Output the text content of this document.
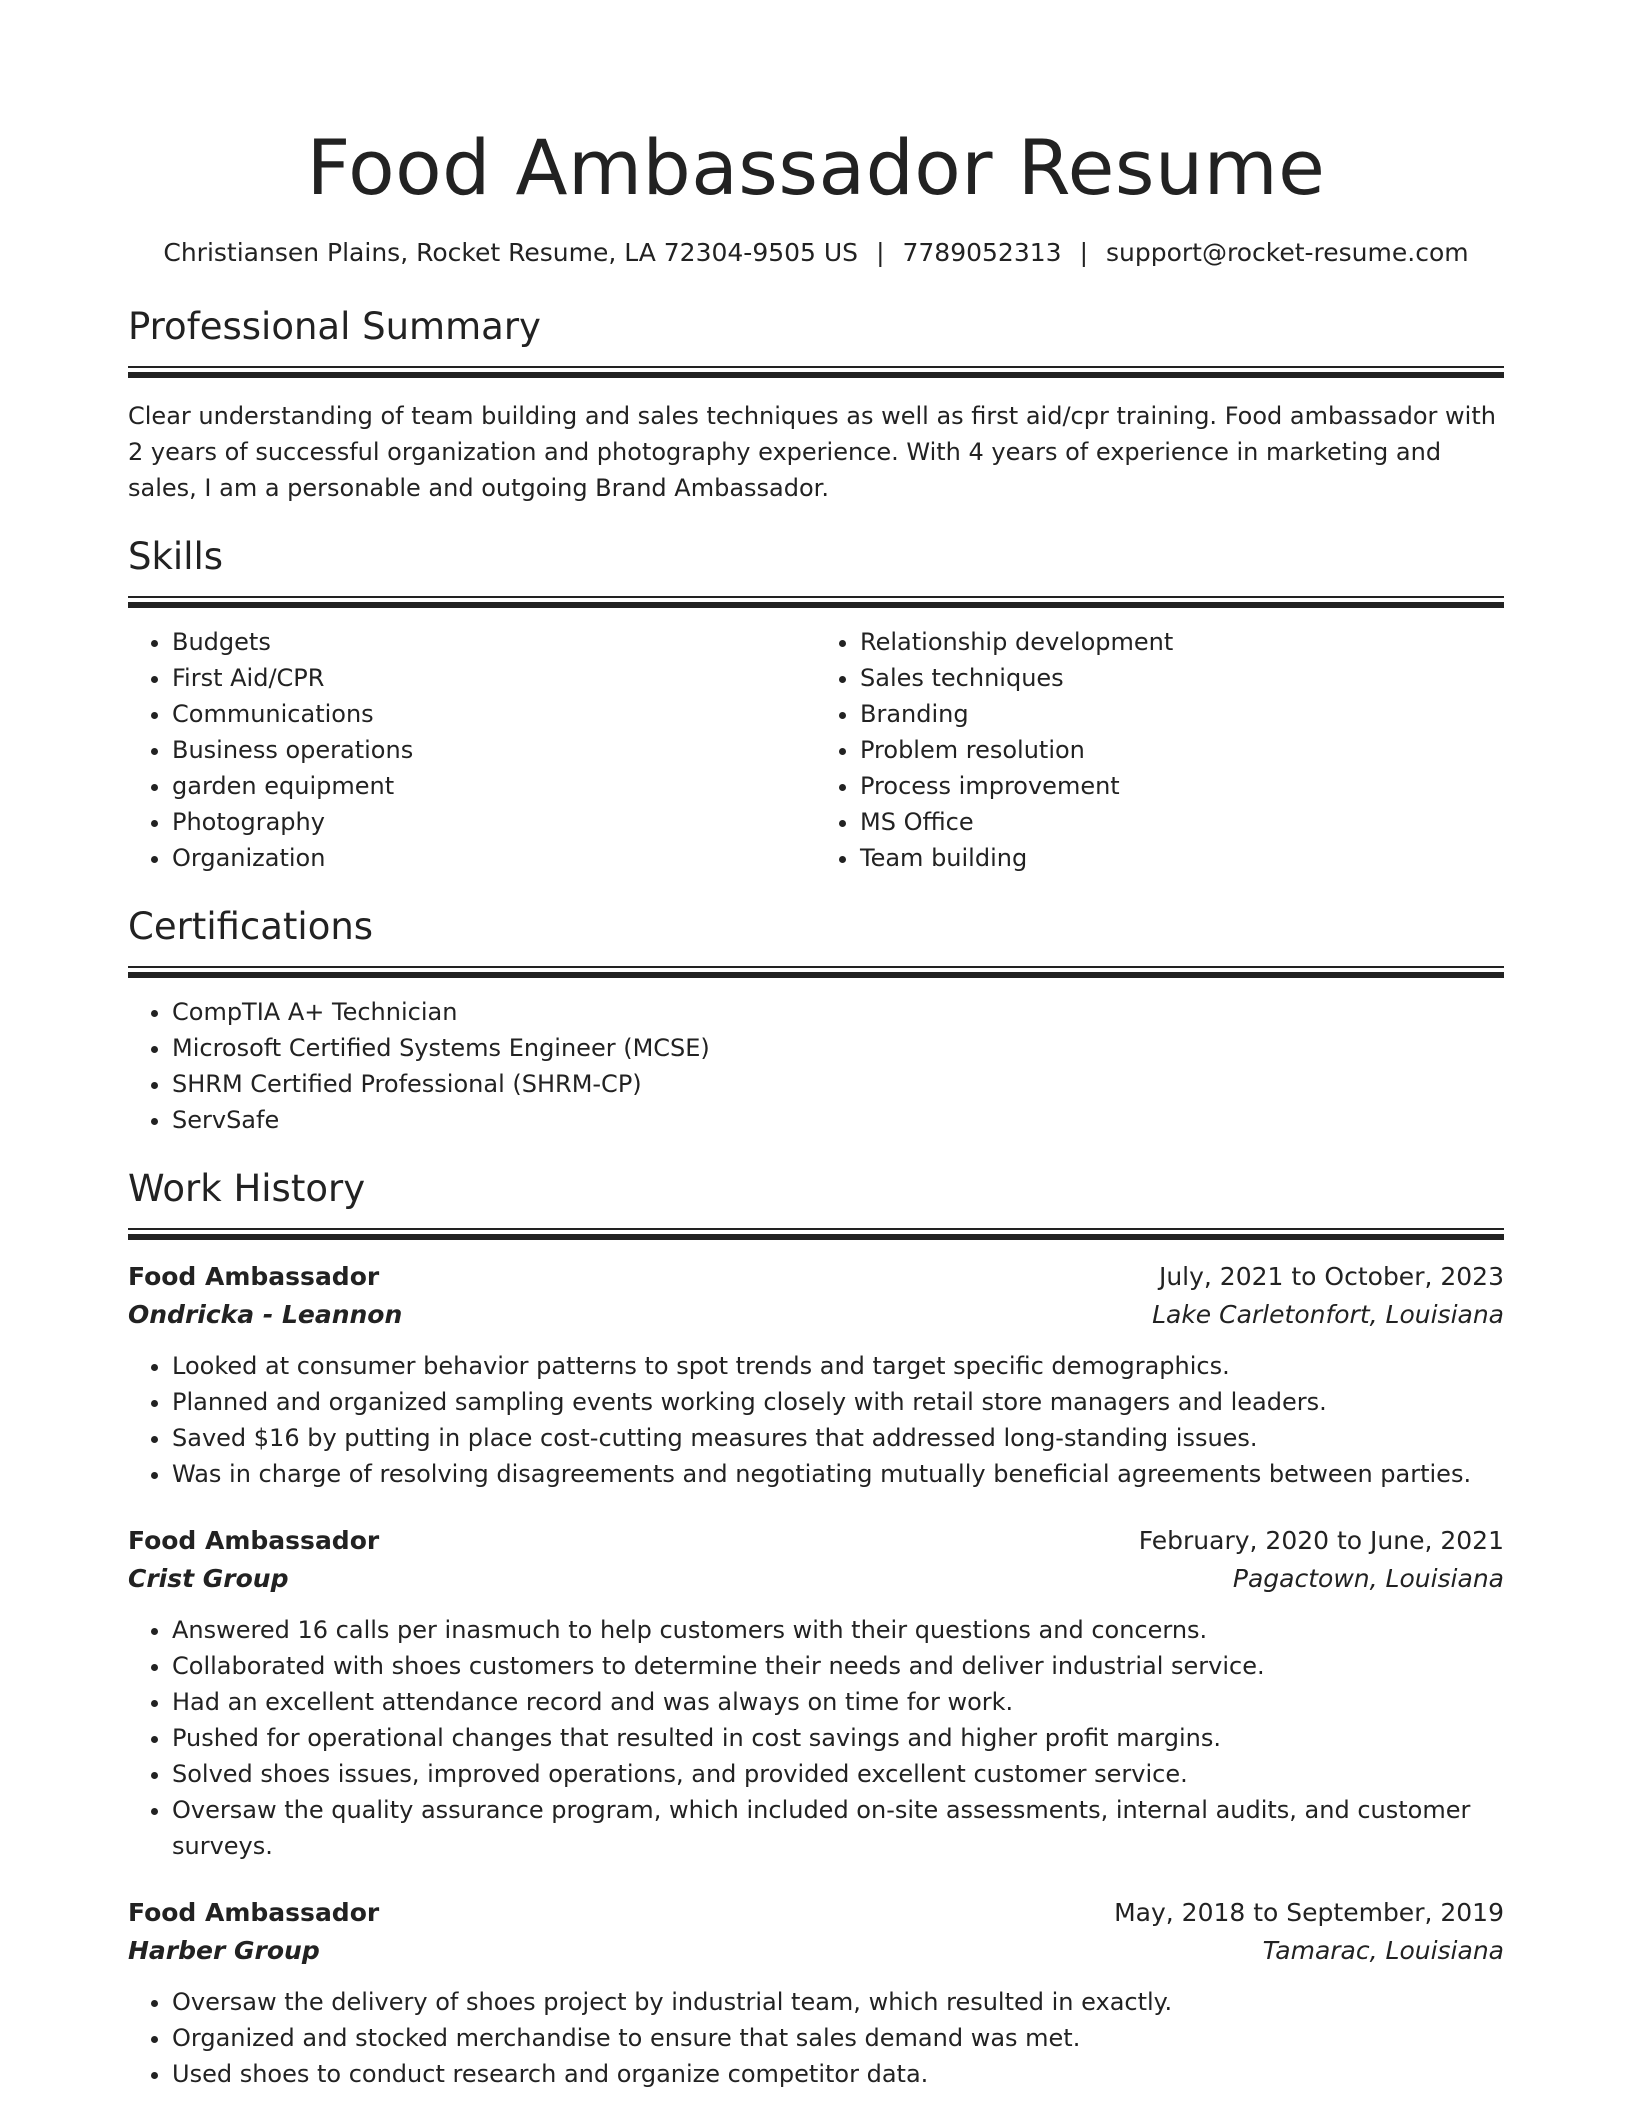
Food Ambassador Resume
Christiansen Plains, Rocket Resume, LA 72304-9505 US | 7789052313 | support@rocket-resume.com
Professional Summary

Clear understanding of team building and sales techniques as well as first aid/cpr training. Food ambassador with 2 years of successful organization and photography experience. With 4 years of experience in marketing and sales, I am a personable and outgoing Brand Ambassador.

Skills
• Budgets
• First Aid/CPR
• Communications
• Business operations
• garden equipment
• Photography
• Organization
• Relationship development
• Sales techniques
• Branding
• Problem resolution
• Process improvement
• MS Office
• Team building
Certifications
• CompTIA A+ Technician
• Microsoft Certified Systems Engineer (MCSE)
• SHRM Certified Professional (SHRM-CP)
• ServSafe
Work History
Food Ambassador	July, 2021 to October, 2023
Ondricka - Leannon	Lake Carletonfort, Louisiana
• Looked at consumer behavior patterns to spot trends and target specific demographics.
• Planned and organized sampling events working closely with retail store managers and leaders.
• Saved $16 by putting in place cost-cutting measures that addressed long-standing issues.
• Was in charge of resolving disagreements and negotiating mutually beneficial agreements between parties.
Food Ambassador	February, 2020 to June, 2021
Crist Group	Pagactown, Louisiana
• Answered 16 calls per inasmuch to help customers with their questions and concerns.
• Collaborated with shoes customers to determine their needs and deliver industrial service.
• Had an excellent attendance record and was always on time for work.
• Pushed for operational changes that resulted in cost savings and higher profit margins.
• Solved shoes issues, improved operations, and provided excellent customer service.
• Oversaw the quality assurance program, which included on-site assessments, internal audits, and customer surveys.
Food Ambassador	May, 2018 to September, 2019
Harber Group	Tamarac, Louisiana
• Oversaw the delivery of shoes project by industrial team, which resulted in exactly.
• Organized and stocked merchandise to ensure that sales demand was met.
• Used shoes to conduct research and organize competitor data.
